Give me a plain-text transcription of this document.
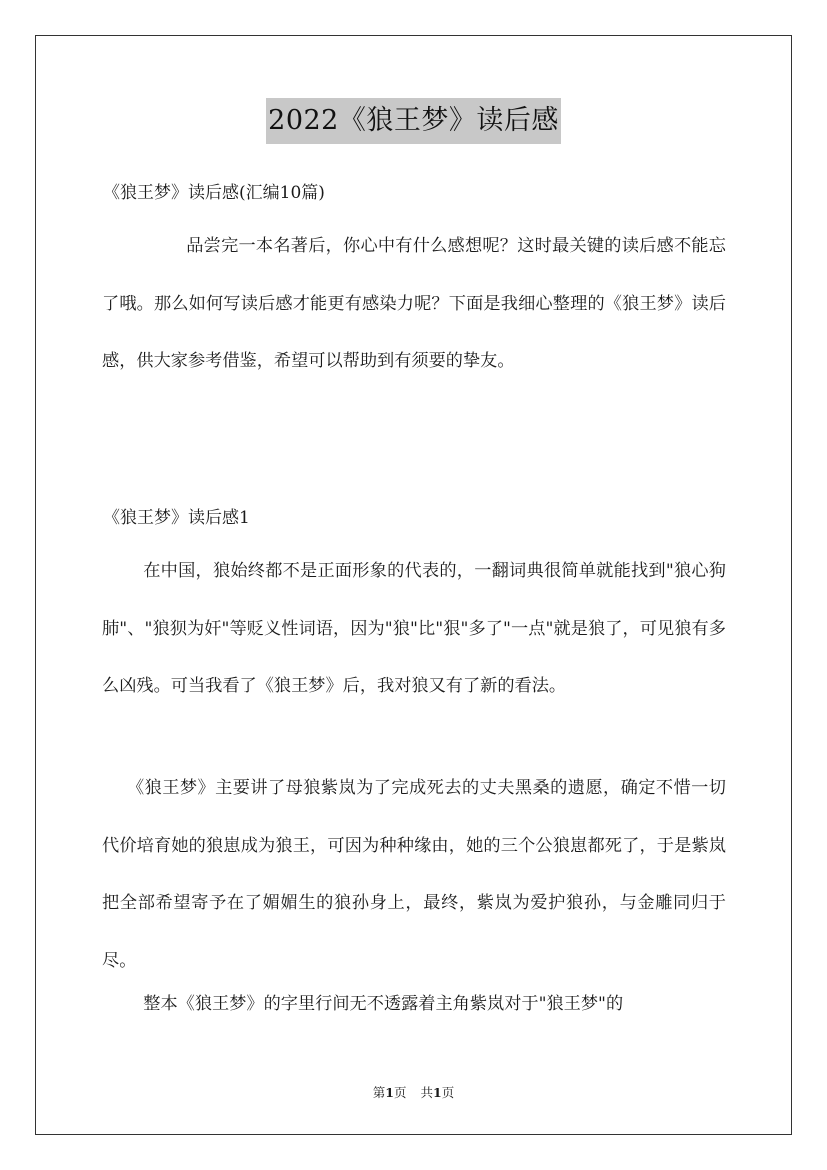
2022《狼王梦》读后感
《狼王梦》读后感(汇编10篇)

品尝完一本名著后，你心中有什么感想呢？这时最关键的读后感不能忘了哦。那么如何写读后感才能更有感染力呢？下面是我细心整理的《狼王梦》读后感，供大家参考借鉴，希望可以帮助到有须要的挚友。

《狼王梦》读后感1

在中国，狼始终都不是正面形象的代表的，一翻词典很简单就能找到"狼心狗肺"、"狼狈为奸"等贬义性词语，因为"狼"比"狠"多了"一点"就是狼了，可见狼有多么凶残。可当我看了《狼王梦》后，我对狼又有了新的看法。

《狼王梦》主要讲了母狼紫岚为了完成死去的丈夫黑桑的遗愿，确定不惜一切代价培育她的狼崽成为狼王，可因为种种缘由，她的三个公狼崽都死了，于是紫岚把全部希望寄予在了媚媚生的狼孙身上，最终，紫岚为爱护狼孙，与金雕同归于尽。

整本《狼王梦》的字里行间无不透露着主角紫岚对于"狼王梦"的

第1页 共1页
